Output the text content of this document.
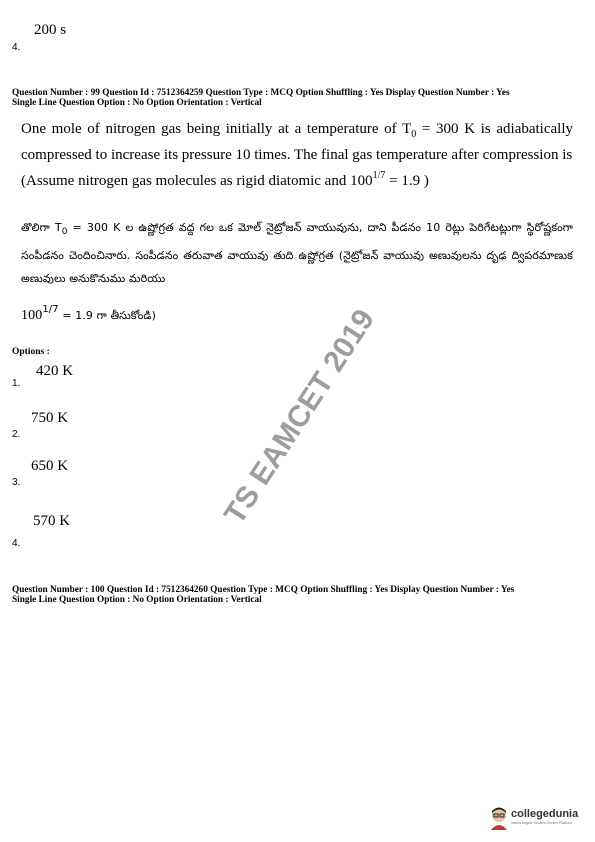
200 s
4.
Question Number : 99 Question Id : 7512364259 Question Type : MCQ Option Shuffling : Yes Display Question Number : Yes
Single Line Question Option : No Option Orientation : Vertical
One mole of nitrogen gas being initially at a temperature of $T_0 = 300$ K is adiabatically compressed to increase its pressure 10 times. The final gas temperature after compression is
(Assume nitrogen gas molecules as rigid diatomic and $100^{1/7} = 1.9$ )
తొలిగా $T_0 = 300$ K ల ఉష్ణోగ్రత వద్ద గల ఒక మోల్ నైట్రోజన్ వాయువును, దాని పీడనం 10 రెట్లు పెరిగేటట్లుగా స్థిరోష్ణకంగా సంపీడనం చెందించినారు. సంపీడనం తరువాత వాయువు తుది ఉష్ణోగ్రత (నైట్రోజన్ వాయువు అణువులను దృఢ ద్విపరమాణుక అణువులు అనుకొనుము మరియు
1001/7 = 1.9 గా తీసుకోండి)	TS EAMCET 2019
Options :
420 K
1.
750 K
2.
650 K
3.
570 K
4.
Question Number : 100 Question Id : 7512364260 Question Type : MCQ Option Shuffling : Yes Display Question Number : Yes
Single Line Question Option : No Option Orientation : Vertical
collegedunia
India's largest Student Review Platform
